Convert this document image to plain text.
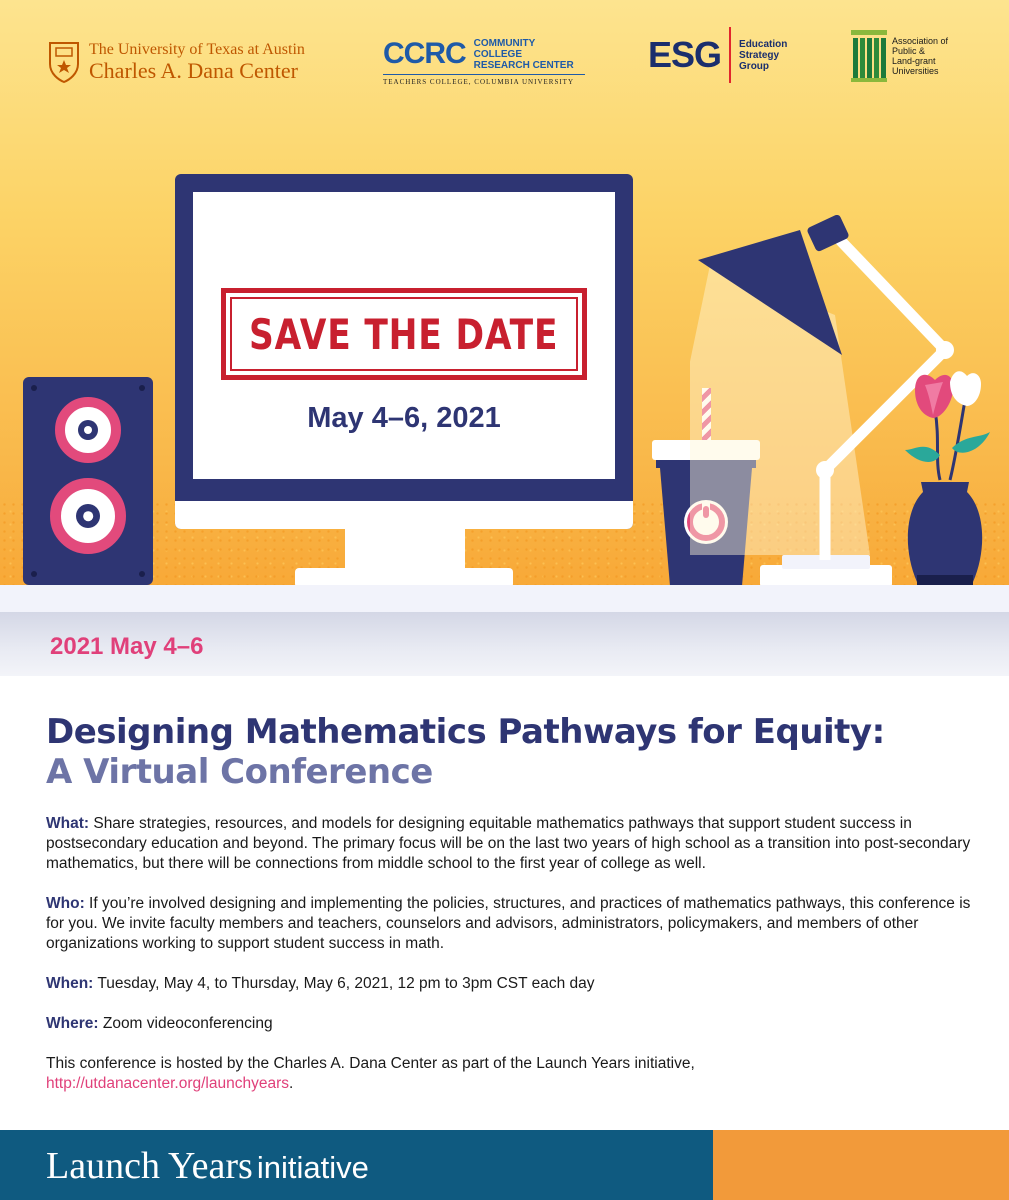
The University of Texas at Austin
Charles A. Dana Center
CCRC COMMUNITY COLLEGE
RESEARCH CENTER
TEACHERS COLLEGE, COLUMBIA UNIVERSITY
ESG Education
Strategy
Group
Association of
Public &
Land-grant
Universities
SAVE THE DATE
May 4–6, 2021
2021 May 4–6
Designing Mathematics Pathways for Equity:
A Virtual Conference

What: Share strategies, resources, and models for designing equitable mathematics pathways that support student success in postsecondary education and beyond. The primary focus will be on the last two years of high school as a transition into post-secondary mathematics, but there will be connections from middle school to the first year of college as well.

Who: If you’re involved designing and implementing the policies, structures, and practices of mathematics pathways, this conference is for you. We invite faculty members and teachers, counselors and advisors, administrators, policymakers, and members of other organizations working to support student success in math.

When: Tuesday, May 4, to Thursday, May 6, 2021, 12 pm to 3pm CST each day

Where: Zoom videoconferencing

This conference is hosted by the Charles A. Dana Center as part of the Launch Years initiative,
http://utdanacenter.org/launchyears.

Launch Years initiative
